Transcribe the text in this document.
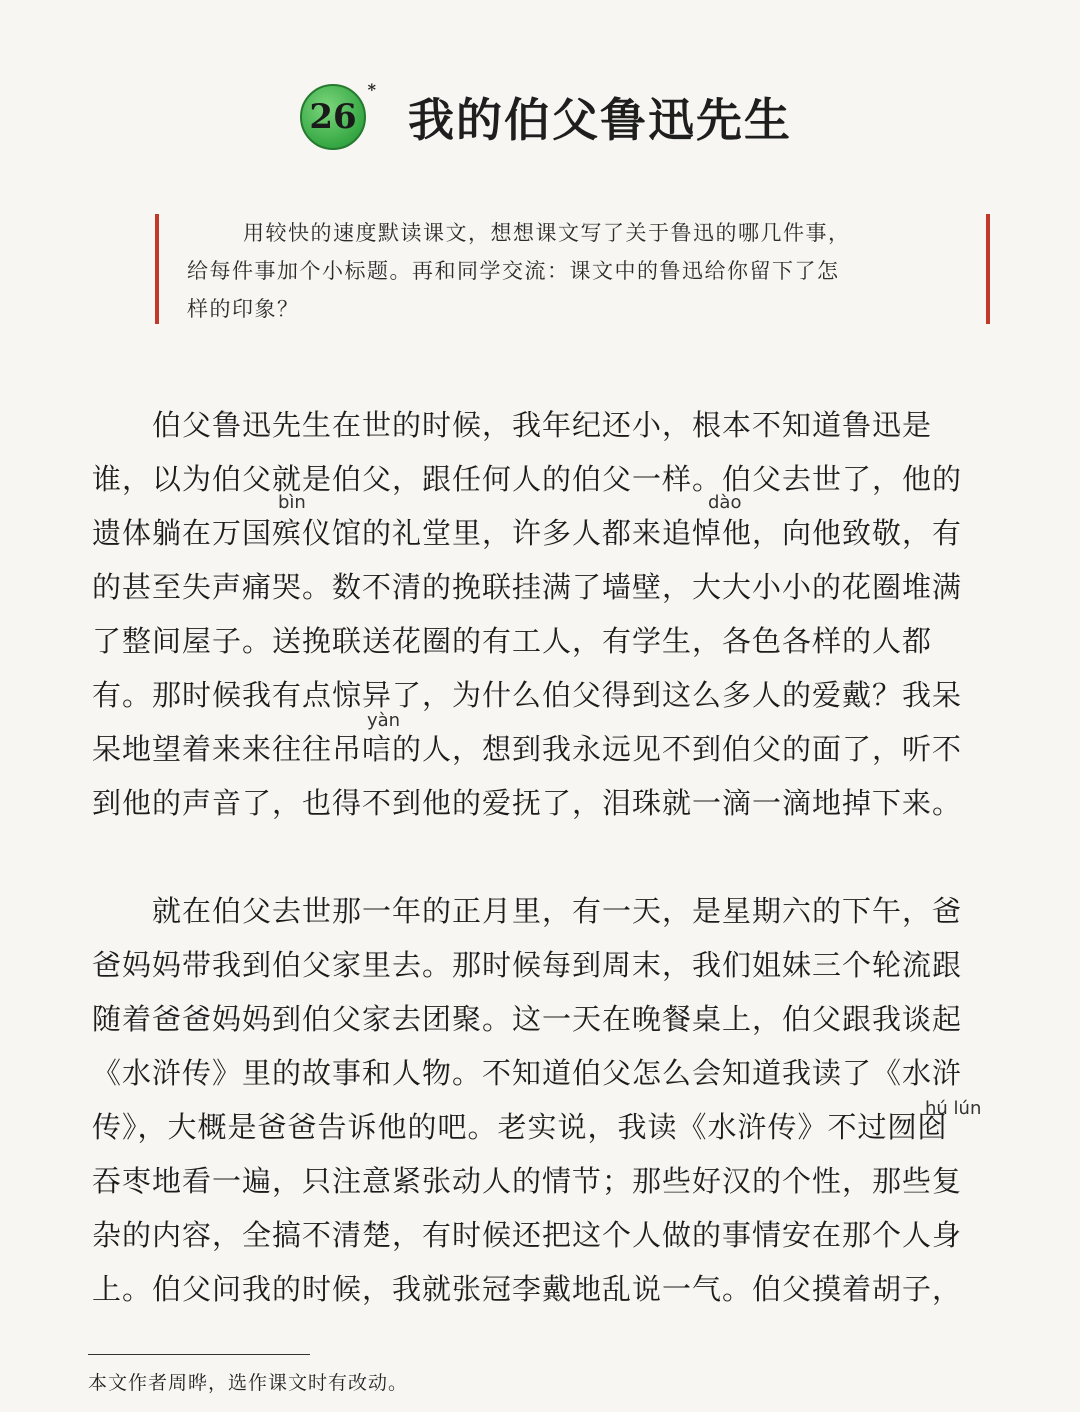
26
*
我的伯父鲁迅先生
用较快的速度默读课文，想想课文写了关于鲁迅的哪几件事，
给每件事加个小标题。再和同学交流：课文中的鲁迅给你留下了怎
样的印象？
伯父鲁迅先生在世的时候，我年纪还小，根本不知道鲁迅是
谁，以为伯父就是伯父，跟任何人的伯父一样。伯父去世了，他的
遗体躺在万国殡仪馆的礼堂里，许多人都来追悼他，向他致敬，有
的甚至失声痛哭。数不清的挽联挂满了墙壁，大大小小的花圈堆满
了整间屋子。送挽联送花圈的有工人，有学生，各色各样的人都
有。那时候我有点惊异了，为什么伯父得到这么多人的爱戴？我呆
呆地望着来来往往吊唁的人，想到我永远见不到伯父的面了，听不
到他的声音了，也得不到他的爱抚了，泪珠就一滴一滴地掉下来。
bìn	dào
yàn
hú lún
就在伯父去世那一年的正月里，有一天，是星期六的下午，爸
爸妈妈带我到伯父家里去。那时候每到周末，我们姐妹三个轮流跟
随着爸爸妈妈到伯父家去团聚。这一天在晚餐桌上，伯父跟我谈起
《水浒传》里的故事和人物。不知道伯父怎么会知道我读了《水浒
传》，大概是爸爸告诉他的吧。老实说，我读《水浒传》不过囫囵
吞枣地看一遍，只注意紧张动人的情节；那些好汉的个性，那些复
杂的内容，全搞不清楚，有时候还把这个人做的事情安在那个人身
上。伯父问我的时候，我就张冠李戴地乱说一气。伯父摸着胡子，
本文作者周晔，选作课文时有改动。
